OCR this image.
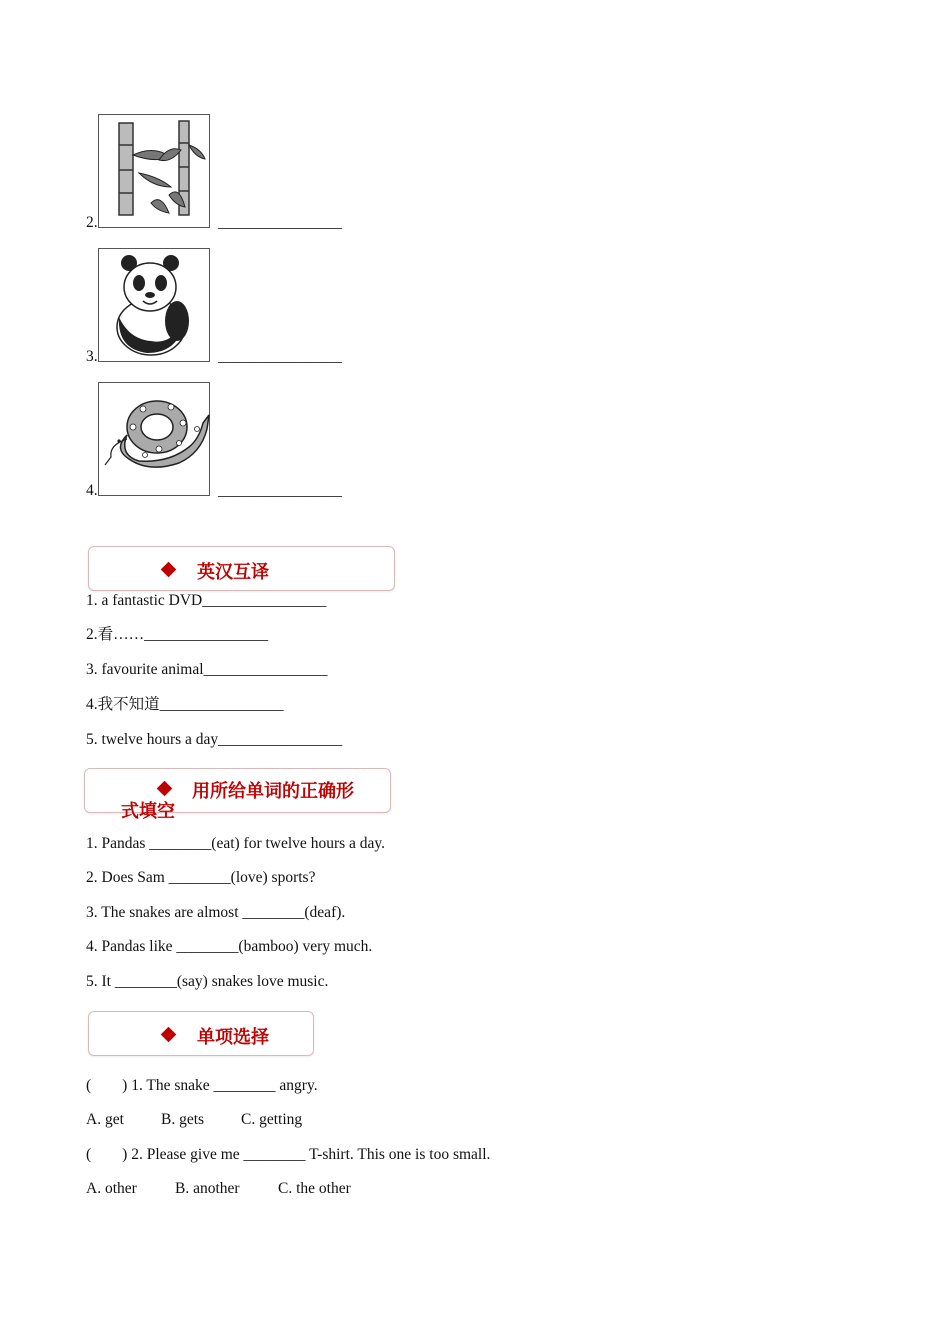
2.	________________
3.	________________
4.	________________
英汉互译
1. a fantastic DVD________________
2.看……________________
3. favourite animal________________
4.我不知道________________
5. twelve hours a day________________
用所给单词的正确形
式填空
1. Pandas ________(eat) for twelve hours a day.
2. Does Sam ________(love) sports?
3. The snakes are almost ________(deaf).
4. Pandas like ________(bamboo) very much.
5. It ________(say) snakes love music.
单项选择
(        ) 1. The snake ________ angry.
A. get B. gets C. getting
(        ) 2. Please give me ________ T-shirt. This one is too small.
A. other B. another C. the other
